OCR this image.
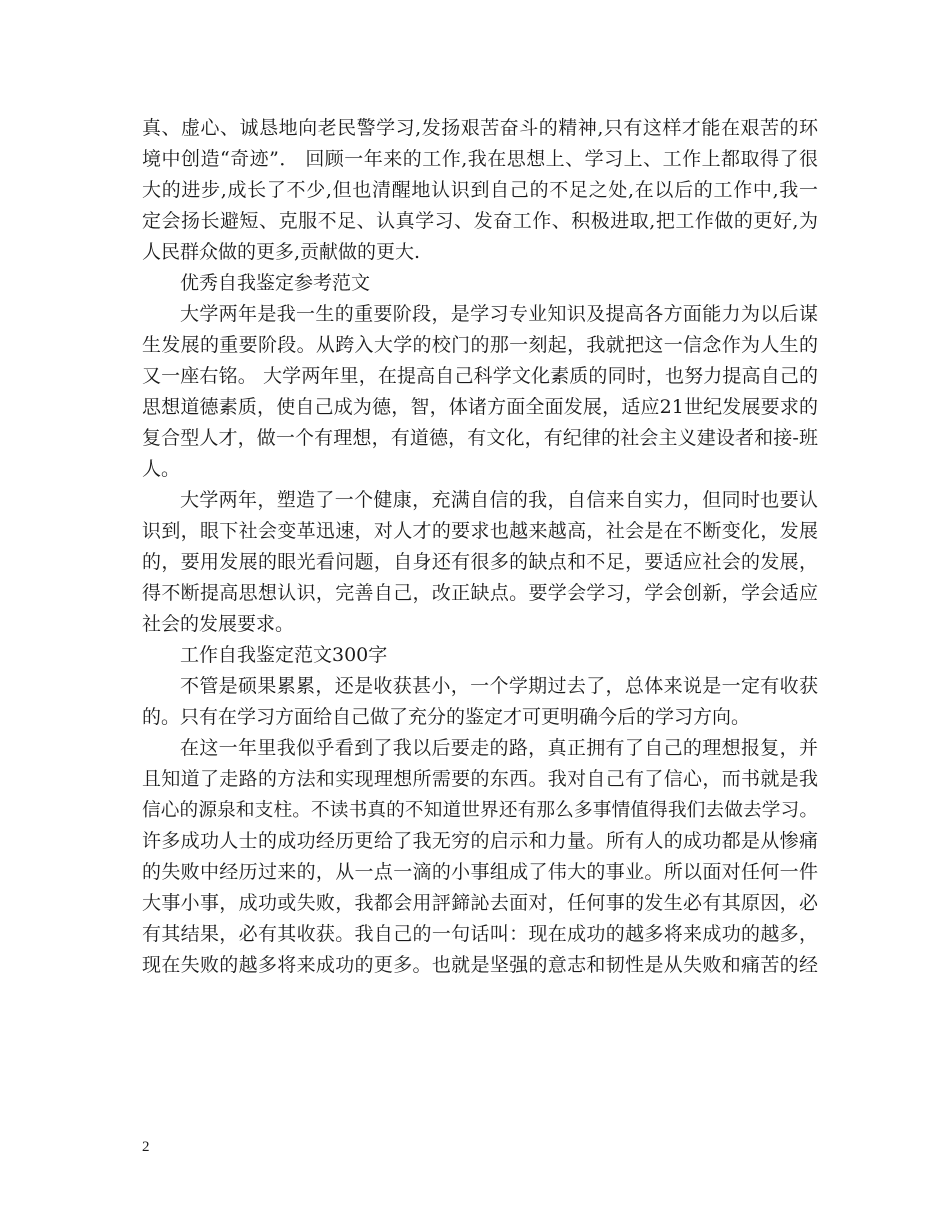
真、虚心、诚恳地向老民警学习,发扬艰苦奋斗的精神,只有这样才能在艰苦的环
境中创造“奇迹”． 回顾一年来的工作,我在思想上、学习上、工作上都取得了很
大的进步,成长了不少,但也清醒地认识到自己的不足之处,在以后的工作中,我一
定会扬长避短、克服不足、认真学习、发奋工作、积极进取,把工作做的更好,为
人民群众做的更多,贡献做的更大.
优秀自我鉴定参考范文
大学两年是我一生的重要阶段，是学习专业知识及提高各方面能力为以后谋
生发展的重要阶段。从跨入大学的校门的那一刻起，我就把这一信念作为人生的
又一座右铭。 大学两年里，在提高自己科学文化素质的同时，也努力提高自己的
思想道德素质，使自己成为德，智，体诸方面全面发展，适应21世纪发展要求的
复合型人才，做一个有理想，有道德，有文化，有纪律的社会主义建设者和接-班
人。
大学两年，塑造了一个健康，充满自信的我，自信来自实力，但同时也要认
识到，眼下社会变革迅速，对人才的要求也越来越高，社会是在不断变化，发展
的，要用发展的眼光看问题，自身还有很多的缺点和不足，要适应社会的发展，
得不断提高思想认识，完善自己，改正缺点。要学会学习，学会创新，学会适应
社会的发展要求。
工作自我鉴定范文300字
不管是硕果累累，还是收获甚小，一个学期过去了，总体来说是一定有收获
的。只有在学习方面给自己做了充分的鉴定才可更明确今后的学习方向。
在这一年里我似乎看到了我以后要走的路，真正拥有了自己的理想报复，并
且知道了走路的方法和实现理想所需要的东西。我对自己有了信心，而书就是我
信心的源泉和支柱。不读书真的不知道世界还有那么多事情值得我们去做去学习。
许多成功人士的成功经历更给了我无穷的启示和力量。所有人的成功都是从惨痛
的失败中经历过来的，从一点一滴的小事组成了伟大的事业。所以面对任何一件
大事小事，成功或失败，我都会用評鍗訫去面对，任何事的发生必有其原因，必
有其结果，必有其收获。我自己的一句话叫：现在成功的越多将来成功的越多，
现在失败的越多将来成功的更多。也就是坚强的意志和韧性是从失败和痛苦的经
2
